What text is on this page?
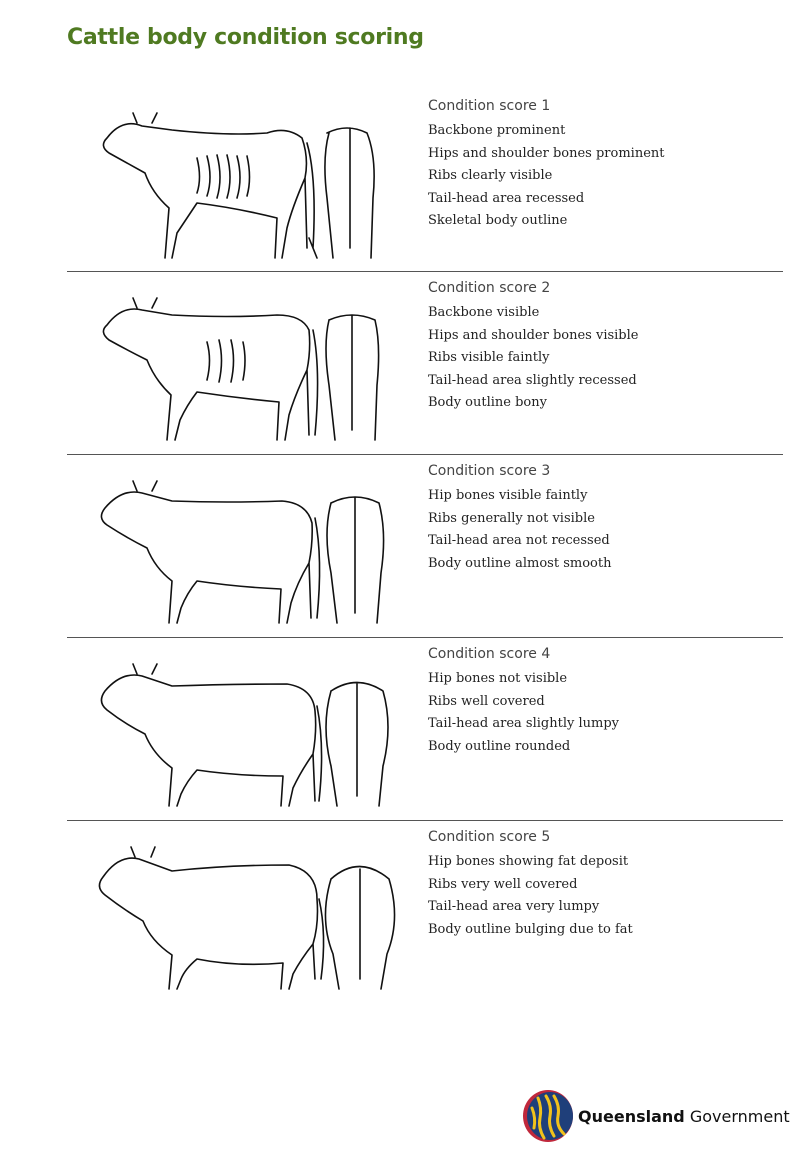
Cattle body condition scoring
Condition score 1
Backbone prominent
Hips and shoulder bones prominent
Ribs clearly visible
Tail-head area recessed
Skeletal body outline
Condition score 2
Backbone visible
Hips and shoulder bones visible
Ribs visible faintly
Tail-head area slightly recessed
Body outline bony
Condition score 3
Hip bones visible faintly
Ribs generally not visible
Tail-head area not recessed
Body outline almost smooth
Condition score 4
Hip bones not visible
Ribs well covered
Tail-head area slightly lumpy
Body outline rounded
Condition score 5
Hip bones showing fat deposit
Ribs very well covered
Tail-head area very lumpy
Body outline bulging due to fat
Queensland Government
